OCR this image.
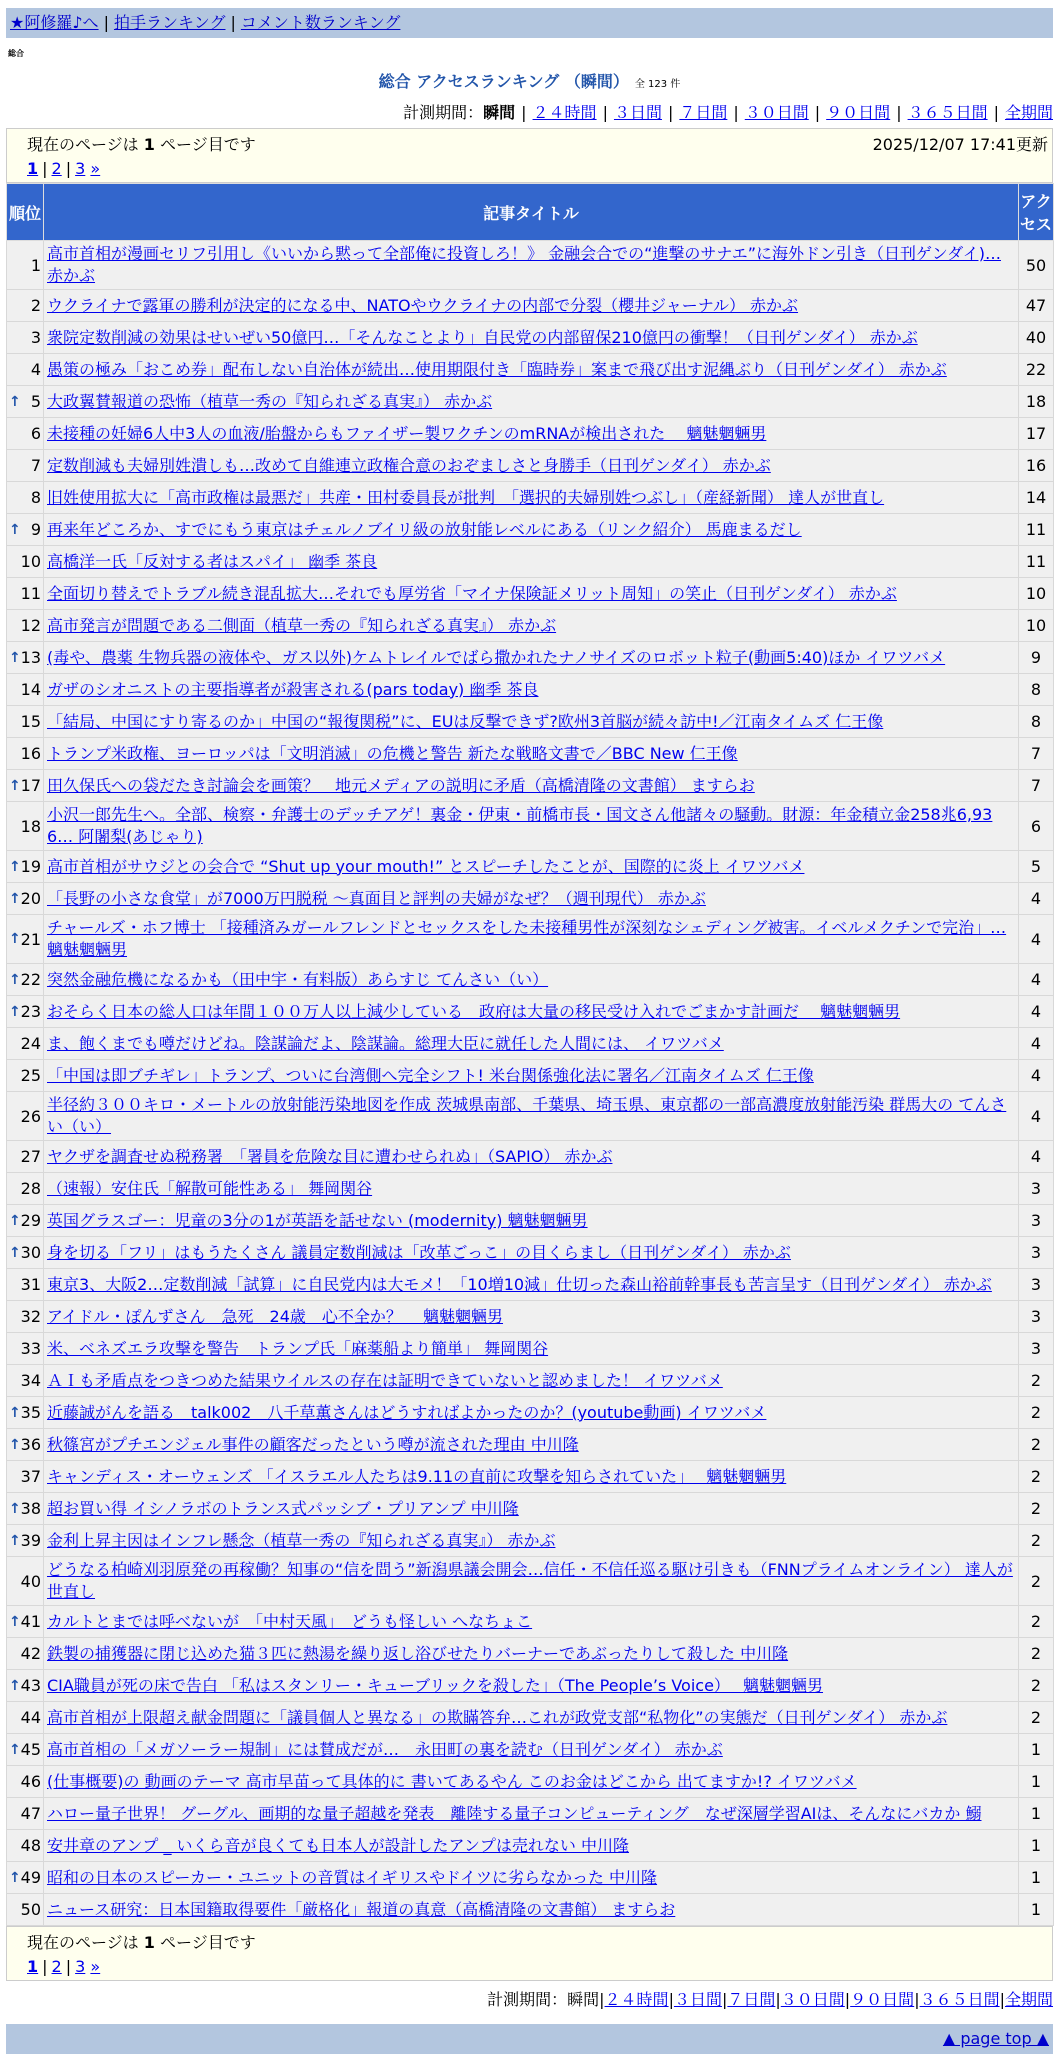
★阿修羅♪へ | 拍手ランキング | コメント数ランキング
総合
総合 アクセスランキング （瞬間） 全 123 件
計測期間：瞬間 | ２４時間 | ３日間 | ７日間 | ３０日間 | ９０日間 | ３６５日間 | 全期間
現在のページは 1 ページ目です	2025/12/07 17:41更新
1 | 2 | 3 »
順位	記事タイトル	アクセス
1	高市首相が漫画セリフ引用し《いいから黙って全部俺に投資しろ！》 金融会合での“進撃のサナエ”に海外ドン引き（日刊ゲンダイ)… 赤かぶ	50
2	ウクライナで露軍の勝利が決定的になる中、NATOやウクライナの内部で分裂（櫻井ジャーナル） 赤かぶ	47
3	衆院定数削減の効果はせいぜい50億円…「そんなことより」自民党の内部留保210億円の衝撃！（日刊ゲンダイ） 赤かぶ	40
4	愚策の極み「おこめ券」配布しない自治体が続出…使用期限付き「臨時券」案まで飛び出す泥縄ぶり（日刊ゲンダイ） 赤かぶ	22

↑ 5	大政翼賛報道の恐怖（植草一秀の『知られざる真実』） 赤かぶ	18
6	未接種の妊婦6人中3人の血液/胎盤からもファイザー製ワクチンのmRNAが検出された　 魑魅魍魎男	17
7	定数削減も夫婦別姓潰しも…改めて自維連立政権合意のおぞましさと身勝手（日刊ゲンダイ） 赤かぶ	16
8	旧姓使用拡大に「高市政権は最悪だ」共産・田村委員長が批判　「選択的夫婦別姓つぶし」（産経新聞） 達人が世直し	14

↑ 9	再来年どころか、すでにもう東京はチェルノブイリ級の放射能レベルにある（リンク紹介） 馬鹿まるだし	11
10	高橋洋一氏「反対する者はスパイ」 幽季 茶良	11
11	全面切り替えでトラブル続き混乱拡大…それでも厚労省「マイナ保険証メリット周知」の笑止（日刊ゲンダイ） 赤かぶ	10
12	高市発言が問題である二側面（植草一秀の『知られざる真実』） 赤かぶ	10

↑ 13	(毒や、農薬 生物兵器の液体や、ガス以外)ケムトレイルでばら撒かれたナノサイズのロボット粒子(動画5:40)ほか イワツバメ	9
14	ガザのシオニストの主要指導者が殺害される(pars today) 幽季 茶良	8
15	「結局、中国にすり寄るのか」中国の“報復関税”に、EUは反撃できず?欧州3首脳が続々訪中!／江南タイムズ 仁王像	8
16	トランプ米政権、ヨーロッパは「文明消滅」の危機と警告 新たな戦略文書で／BBC New 仁王像	7

↑ 17	田久保氏への袋だたき討論会を画策？　地元メディアの説明に矛盾（高橋清隆の文書館） ますらお	7
18	小沢一郎先生へ。全部、検察・弁護士のデッチアゲ！裏金・伊東・前橋市長・国文さん他諸々の騒動。財源：年金積立金258兆6,936… 阿闍梨(あじゃり)	6

↑ 19	高市首相がサウジとの会合で “Shut up your mouth!” とスピーチしたことが、国際的に炎上 イワツバメ	5

↑ 20	「長野の小さな食堂」が7000万円脱税 ～真面目と評判の夫婦がなぜ？（週刊現代） 赤かぶ	4

↑ 21	チャールズ・ホフ博士 「接種済みガールフレンドとセックスをした未接種男性が深刻なシェディング被害。イベルメクチンで完治」… 魑魅魍魎男	4

↑ 22	突然金融危機になるかも（田中宇・有料版）あらすじ てんさい（い）	4

↑ 23	おそらく日本の総人口は年間１００万人以上減少している　政府は大量の移民受け入れでごまかす計画だ　 魑魅魍魎男	4
24	ま、飽くまでも噂だけどね。陰謀論だよ、陰謀論。総理大臣に就任した人間には、 イワツバメ	4
25	「中国は即ブチギレ」トランプ、ついに台湾側へ完全シフト! 米台関係強化法に署名／江南タイムズ 仁王像	4
26	半径約３００キロ・メートルの放射能汚染地図を作成 茨城県南部、千葉県、埼玉県、東京都の一部高濃度放射能汚染 群馬大の てんさい（い）	4
27	ヤクザを調査せぬ税務署　「署員を危険な目に遭わせられぬ」（SAPIO） 赤かぶ	4
28	（速報）安住氏「解散可能性ある」 舞岡関谷	3

↑ 29	英国グラスゴー：児童の3分の1が英語を話せない (modernity) 魑魅魍魎男	3

↑ 30	身を切る「フリ」はもうたくさん 議員定数削減は「改革ごっこ」の目くらまし（日刊ゲンダイ） 赤かぶ	3
31	東京3、大阪2…定数削減「試算」に自民党内は大モメ！「10増10減」仕切った森山裕前幹事長も苦言呈す（日刊ゲンダイ） 赤かぶ	3
32	アイドル・ぽんずさん　急死　24歳　心不全か？　 魑魅魍魎男	3
33	米、ベネズエラ攻撃を警告　トランプ氏「麻薬船より簡単」 舞岡関谷	3
34	ＡＩも矛盾点をつきつめた結果ウイルスの存在は証明できていないと認めました！ イワツバメ	2

↑ 35	近藤誠がんを語る　talk002　八千草薫さんはどうすればよかったのか？(youtube動画) イワツバメ	2

↑ 36	秋篠宮がプチエンジェル事件の顧客だったという噂が流された理由 中川隆	2
37	キャンディス・オーウェンズ 「イスラエル人たちは9.11の直前に攻撃を知らされていた」　 魑魅魍魎男	2

↑ 38	超お買い得 イシノラボのトランス式パッシブ・プリアンプ 中川隆	2

↑ 39	金利上昇主因はインフレ懸念（植草一秀の『知られざる真実』） 赤かぶ	2
40	どうなる柏崎刈羽原発の再稼働？知事の“信を問う”新潟県議会開会…信任・不信任巡る駆け引きも（FNNプライムオンライン） 達人が世直し	2

↑ 41	カルトとまでは呼べないが　「中村天風」　どうも怪しい へなちょこ	2
42	鉄製の捕獲器に閉じ込めた猫３匹に熱湯を繰り返し浴びせたりバーナーであぶったりして殺した 中川隆	2

↑ 43	CIA職員が死の床で告白 「私はスタンリー・キューブリックを殺した」（The People’s Voice）　 魑魅魍魎男	2
44	高市首相が上限超え献金問題に「議員個人と異なる」の欺瞞答弁…これが政党支部“私物化”の実態だ（日刊ゲンダイ） 赤かぶ	2

↑ 45	高市首相の「メガソーラー規制」には賛成だが…　永田町の裏を読む（日刊ゲンダイ） 赤かぶ	1
46	(仕事概要)の 動画のテーマ 高市早苗って具体的に 書いてあるやん このお金はどこから 出てますか!? イワツバメ	1
47	ハロー量子世界！ グーグル、画期的な量子超越を発表　離陸する量子コンピューティング　なぜ深層学習AIは、そんなにバカか 鰯	1
48	安井章のアンプ _ いくら音が良くても日本人が設計したアンプは売れない 中川隆	1

↑ 49	昭和の日本のスピーカー・ユニットの音質はイギリスやドイツに劣らなかった 中川隆	1
50	ニュース研究：日本国籍取得要件「厳格化」報道の真意（高橋清隆の文書館） ますらお	1
現在のページは 1 ページ目です
1 | 2 | 3 »
計測期間：瞬間|２４時間|３日間|７日間|３０日間|９０日間|３６５日間|全期間
▲ page top ▲
